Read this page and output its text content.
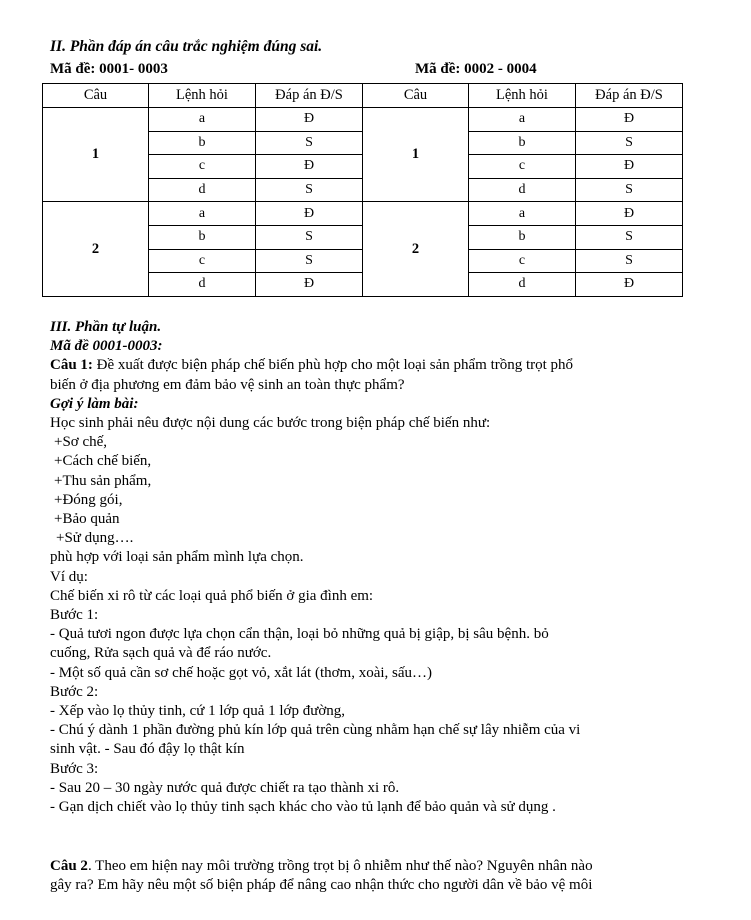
II. Phần đáp án câu trắc nghiệm đúng sai.
Mã đề: 0001- 0003	Mã đề: 0002 - 0004
Câu	Lệnh hỏi	Đáp án Đ/S	Câu	Lệnh hỏi	Đáp án Đ/S
1	a	Đ	1	a	Đ
	b	S		b	S
	c	Đ		c	Đ
	d	S		d	S
2	a	Đ	2	a	Đ
	b	S		b	S
	c	S		c	S
	d	Đ		d	Đ
III. Phần tự luận.
Mã đề 0001-0003:
Câu 1: Đề xuất được biện pháp chế biến phù hợp cho một loại sản phẩm trồng trọt phổ
biến ở địa phương em đảm bảo vệ sinh an toàn thực phẩm?
Gợi ý làm bài:
Học sinh phải nêu được nội dung các bước trong biện pháp chế biến như:
+Sơ chế,
+Cách chế biến,
+Thu sản phẩm,
+Đóng gói,
+Bảo quản
+Sử dụng….
phù hợp với loại sản phẩm mình lựa chọn.
Ví dụ:
Chế biến xi rô từ các loại quả phổ biến ở gia đình em:
Bước 1:
- Quả tươi ngon được lựa chọn cẩn thận, loại bỏ những quả bị giập, bị sâu bệnh. bỏ
cuống, Rửa sạch quả và để ráo nước.
- Một số quả cần sơ chế hoặc gọt vỏ, xắt lát (thơm, xoài, sấu…)
Bước 2:
- Xếp vào lọ thủy tinh, cứ 1 lớp quả 1 lớp đường,
- Chú ý dành 1 phần đường phủ kín lớp quả trên cùng nhằm hạn chế sự lây nhiễm của vi
sinh vật. - Sau đó đậy lọ thật kín
Bước 3:
- Sau 20 – 30 ngày nước quả được chiết ra tạo thành xi rô.
- Gạn dịch chiết vào lọ thủy tinh sạch khác cho vào tủ lạnh để bảo quản và sử dụng .
Câu 2. Theo em hiện nay môi trường trồng trọt bị ô nhiễm như thế nào? Nguyên nhân nào
gây ra? Em hãy nêu một số biện pháp để nâng cao nhận thức cho người dân về bảo vệ môi
